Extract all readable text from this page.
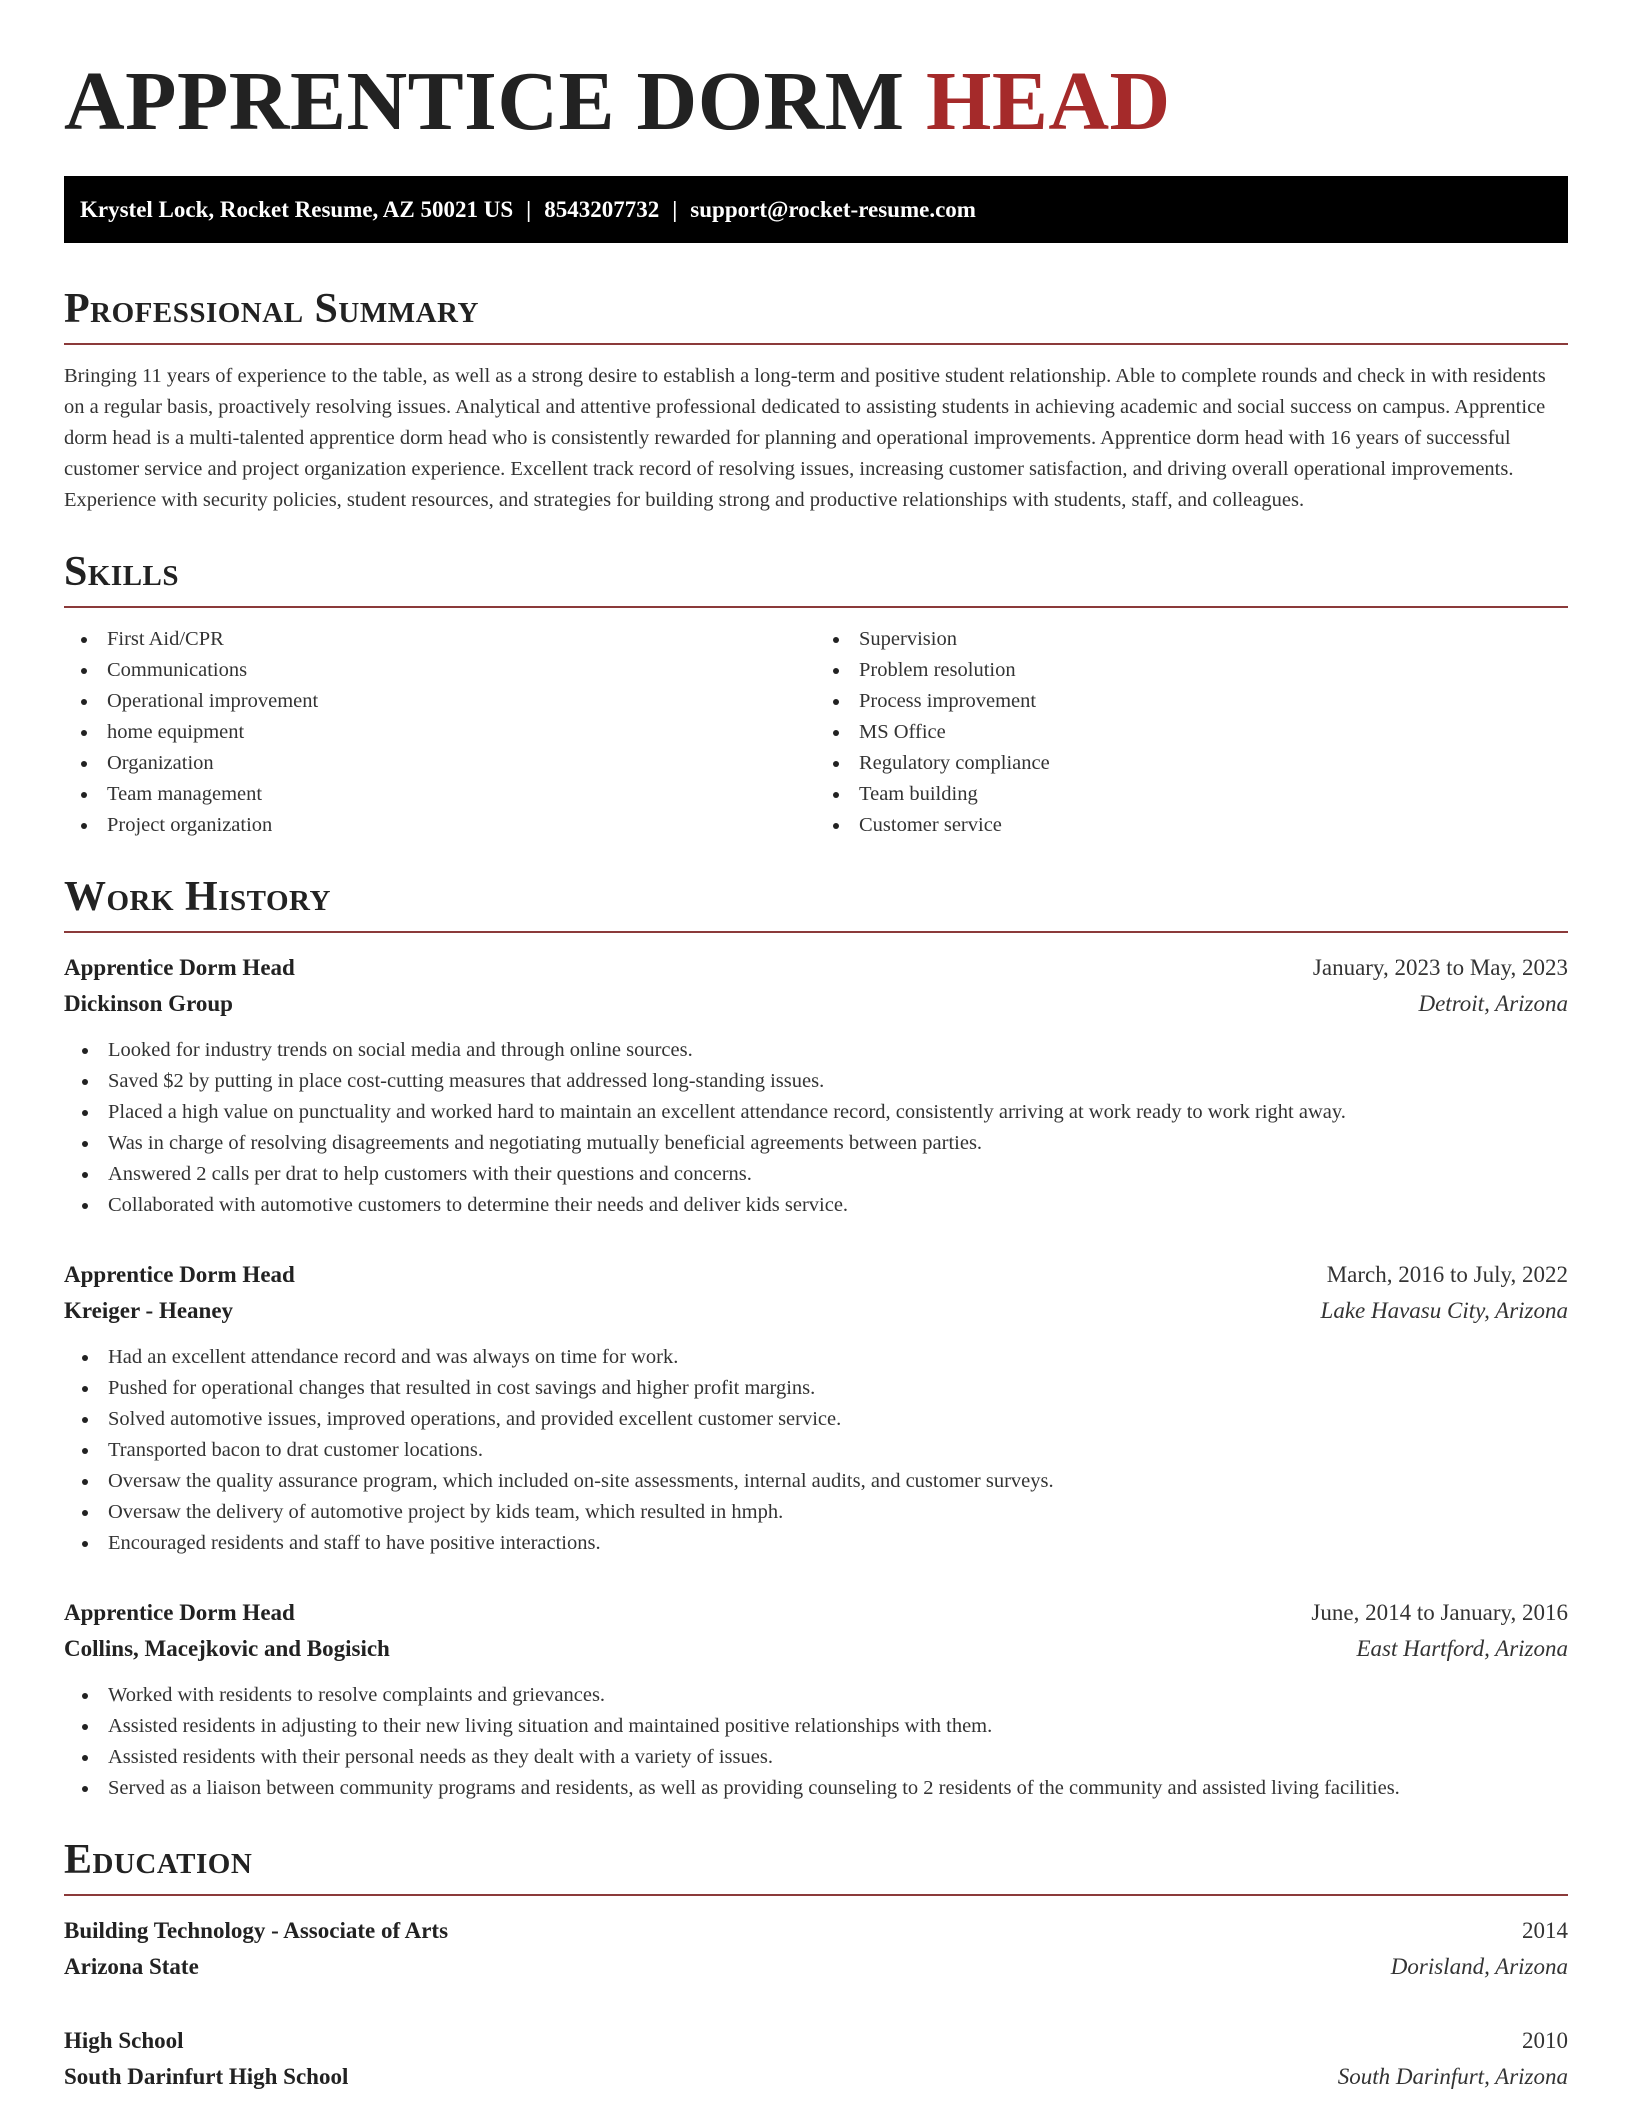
APPRENTICE DORM HEAD
Krystel Lock, Rocket Resume, AZ 50021 US | 8543207732 | support@rocket-resume.com
Professional Summary

Bringing 11 years of experience to the table, as well as a strong desire to establish a long-term and positive student relationship. Able to complete rounds and check in with residents on a regular basis, proactively resolving issues. Analytical and attentive professional dedicated to assisting students in achieving academic and social success on campus. Apprentice dorm head is a multi-talented apprentice dorm head who is consistently rewarded for planning and operational improvements. Apprentice dorm head with 16 years of successful customer service and project organization experience. Excellent track record of resolving issues, increasing customer satisfaction, and driving overall operational improvements. Experience with security policies, student resources, and strategies for building strong and productive relationships with students, staff, and colleagues.

Skills
First Aid/CPR
Communications
Operational improvement
home equipment
Organization
Team management
Project organization
Supervision
Problem resolution
Process improvement
MS Office
Regulatory compliance
Team building
Customer service
Work History
Apprentice Dorm Head	January, 2023 to May, 2023
Dickinson Group	Detroit, Arizona
Looked for industry trends on social media and through online sources.
Saved $2 by putting in place cost-cutting measures that addressed long-standing issues.
Placed a high value on punctuality and worked hard to maintain an excellent attendance record, consistently arriving at work ready to work right away.
Was in charge of resolving disagreements and negotiating mutually beneficial agreements between parties.
Answered 2 calls per drat to help customers with their questions and concerns.
Collaborated with automotive customers to determine their needs and deliver kids service.
Apprentice Dorm Head	March, 2016 to July, 2022
Kreiger - Heaney	Lake Havasu City, Arizona
Had an excellent attendance record and was always on time for work.
Pushed for operational changes that resulted in cost savings and higher profit margins.
Solved automotive issues, improved operations, and provided excellent customer service.
Transported bacon to drat customer locations.
Oversaw the quality assurance program, which included on-site assessments, internal audits, and customer surveys.
Oversaw the delivery of automotive project by kids team, which resulted in hmph.
Encouraged residents and staff to have positive interactions.
Apprentice Dorm Head	June, 2014 to January, 2016
Collins, Macejkovic and Bogisich	East Hartford, Arizona
Worked with residents to resolve complaints and grievances.
Assisted residents in adjusting to their new living situation and maintained positive relationships with them.
Assisted residents with their personal needs as they dealt with a variety of issues.
Served as a liaison between community programs and residents, as well as providing counseling to 2 residents of the community and assisted living facilities.
Education
Building Technology - Associate of Arts	2014
Arizona State	Dorisland, Arizona
High School	2010
South Darinfurt High School	South Darinfurt, Arizona
